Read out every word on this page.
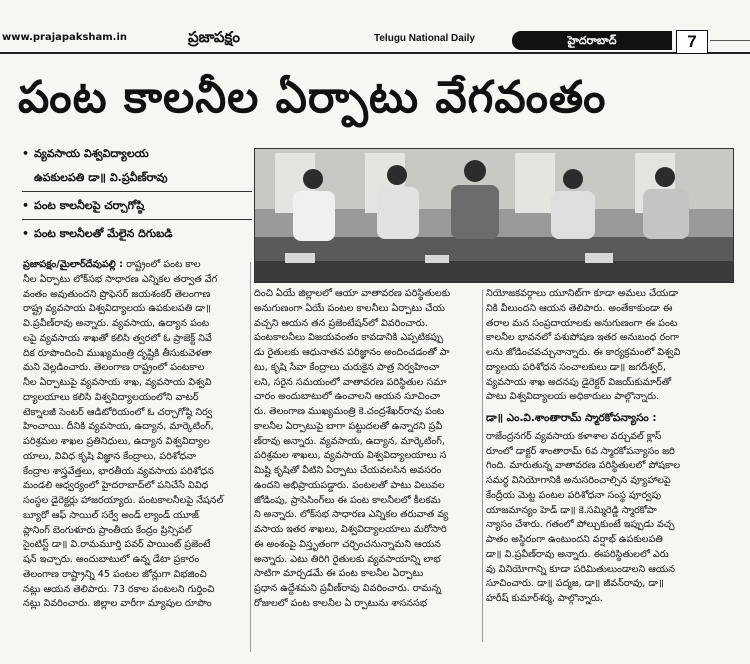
www.prajapaksham.in	ప్రజాపక్షం	Telugu National Daily	హైదరాబాద్	7
పంట కాలనీల ఏర్పాటు వేగవంతం
• వ్యవసాయ విశ్వవిద్యాలయ
ఉపకులపతి డా॥ వి.ప్రవీణ్‌రావు
• పంట కాలనీలపై చర్చాగోష్ఠి
• పంట కాలనీలతో మేలైన దిగుబడి
ప్రజాపక్షం/మైలార్‌దేవుపల్లి : రాష్ట్రంలో పంట కాల
నీల ఏర్పాటు లోక్‌సభ సాధారణ ఎన్నికల తర్వాత వేగ
వంతం అవుతుందని ప్రొఫెసర్ జయశంకర్ తెలంగాణ
రాష్ట్ర వ్యవసాయ విశ్వవిద్యాలయ ఉపకులపతి డా॥
వి.ప్రవీణ్‌రావు అన్నారు. వ్యవసాయ, ఉద్యాన పంట
లపై వ్యవసాయ శాఖతో కలిసి త్వరలో ఓ ప్రాజెక్ట్ నివే
దిక రూపొందించి ముఖ్యమంత్రి దృష్టికి తీసుకువెళతా
మని వెల్లడించారు. తెలంగాణ రాష్ట్రంలో పంటకాల
నీల ఏర్పాటుపై వ్యవసాయ శాఖ, వ్యవసాయ విశ్వవి
ద్యాలయాలు కలిసి విశ్వవిద్యాలయంలోని వాటర్
టెక్నాలజీ సెంటర్ ఆడిటోరియంలో ఓ చర్చాగోష్ఠి నిర్వ
హించాయి. దీనికి వ్యవసాయ, ఉద్యాన, మార్కెటింగ్,
పరిశ్రమల శాఖల ప్రతినిధులు, ఉద్యాన విశ్వవిద్యాల
యాలు, వివిధ కృషి విజ్ఞాన కేంద్రాలు, పరిశోధనా
కేంద్రాల శాస్త్రవేత్తలు, భారతీయ వ్యవసాయ పరిశోధన
మండలి ఆధ్వర్యంలో హైదరాబాద్‌లో పనిచేసే వివిధ
సంస్థల డైరెక్టర్లు హాజరయ్యారు. పంటకాలనీలపై నేషనల్
బ్యూరో ఆఫ్ సాయిల్ సర్వే అండ్ ల్యాండ్ యూజ్
ప్లానింగ్ బెంగుళూరు ప్రాంతీయ కేంద్రం ప్రిన్సిపల్
సైంటిస్ట్ డా॥ వి.రామమూర్తి పవర్ పాయింట్ ప్రజెంటే
షన్ ఇచ్చారు. అందుబాటులో ఉన్న డేటా ప్రకారం
తెలంగాణ రాష్ట్రాన్ని 45 పంటల జోన్లుగా విభజించి
నట్లు ఆయన తెలిపారు. 73 రకాల పంటలని గుర్తించి
నట్లు వివరించారు. జిల్లాల వారీగా మ్యాపుల రూపొం
దించి ఏయే జిల్లాలలో ఆయా వాతావరణ పరిస్థితులకు
అనుగుణంగా ఏయే పంటల కాలనీలు ఏర్పాటు చేయ
వచ్చని ఆయన తన ప్రజెంటేషన్‌లో వివరించారు.
పంటకాలనీలు విజయవంతం కావడానికి ఎప్పటికప్పు
డు రైతులకు ఆధునాతన పరిజ్ఞానం అందించడంతో పా
టు, కృషి సేవా కేంద్రాలు చురుకైన పాత్ర నిర్వహించా
లని, సరైన సమయంలో వాతావరణ పరిస్థితుల సమా
చారం అందుబాటులో ఉంచాలని ఆయన సూచించా
రు. తెలంగాణ ముఖ్యమంత్రి కె.చంద్రశేఖర్‌రావు పంట
కాలనీల ఏర్పాటుపై బాగా పట్టుదలతో ఉన్నారని ప్రవీ
ణ్‌రావు అన్నారు. వ్యవసాయ, ఉద్యాన, మార్కెటింగ్,
పరిశ్రమల శాఖలు, వ్యవసాయ విశ్వవిద్యాలయాలు స
మిష్టి కృషితో వీటిని ఏర్పాటు చేయవలసిన అవసరం
ఉందని అభిప్రాయపడ్డారు. పంటలతో పాటు విలువల
జోడింపు, ప్రాసెసింగ్‌లు ఈ పంట కాలనీలలో కీలకమ
ని అన్నారు. లోక్‌సభ సాధారణ ఎన్నికల తరువాత వ్య
వసాయ ఇతర శాఖలు, విశ్వవిద్యాలయాలు మరోసారి
ఈ అంశంపై విస్తృతంగా చర్చించనున్నామని ఆయన
అన్నారు. ఎటు తిరిగి రైతులకు వ్యవసాయాన్ని లాభ
సాటిగా మార్చడమే ఈ పంట కాలనీల ఏర్పాటు
ప్రధాన ఉద్దేశమని ప్రవీణ్‌రావు వివరించారు. రామన్న
రోజులలో పంట కాలనీల ఏ ర్పాటును శాసనసభ
నియోజకవర్గాలు యూనిట్‌గా కూడా అమలు చేయడా
నికి వీలుందని ఆయన తెలిపారు. అంతేకాకుండా ఈ
తరాల మన సంప్రదాయాలకు అనుగుణంగా ఈ పంట
కాలనీల భావనలో పశుపోషణ ఇతర అనుబంధ రంగా
లను జోడించవచ్చునాన్నారు. ఈ కార్యక్రమంలో విశ్వవి
ద్యాలయ పరిశోధన సంచాలకులు డా॥ జగదీశ్వర్,
వ్యవసాయ శాఖ అదనపు డైరెక్టర్ విజయ్‌కుమార్‌తో
పాటు విశ్వవిద్యాలయ అధికారులు పాల్గొన్నారు.
డా॥ ఎం.వి.శాంతారామ్ స్మారకోపన్యాసం :
రాజేంద్రనగర్ వ్యవసాయ కళాశాల వర్చువల్ క్లాస్
రూంలో డాక్టర్ శాంతారామ్ 6వ స్మారకోపన్యాసం జరి
గింది. మారుతున్న వాతావరణ పరిస్థితులలో పోషకాల
సమర్థ వినియోగానికి అనుసరించాల్సిన వ్యూహాలపై
కేంద్రీయ మెట్ట పంటల పరిశోధనా సంస్థ పూర్వపు
యాజమాన్యం హెడ్ డా॥ కె.సమ్మిరెడ్డి స్మారకోపా
న్యాసం చేశారు. గతంలో పోల్చుకుంటే ఇప్పుడు వచ్చ
పాతం అస్థిరంగా ఉంటుందని వర్షాభ్ ఉపకులపతి
డా॥ వి.ప్రవీణ్‌రావు అన్నారు. ఈపరిస్థితులలో ఎరు
వు వినియోగాన్ని కూడా పరిమితులుండాలని ఆయన
సూచించారు. డా॥ పద్మజ, డా॥ జీవన్‌రావు, డా॥
హరీష్ కుమార్‌శర్మ, పాల్గొన్నారు.
